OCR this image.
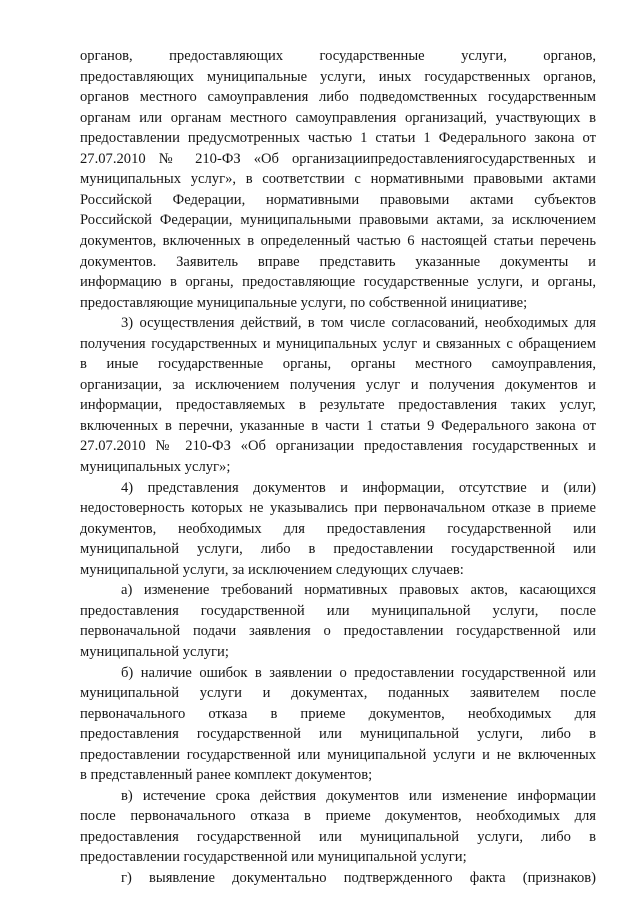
органов, предоставляющих государственные услуги, органов,
предоставляющих муниципальные услуги, иных государственных органов,
органов местного самоуправления либо подведомственных государственным
органам или органам местного самоуправления организаций, участвующих в
предоставлении предусмотренных частью 1 статьи 1 Федерального закона от
27.07.2010 № 210-ФЗ «Об организациипредоставлениягосударственных и
муниципальных услуг», в соответствии с нормативными правовыми актами
Российской Федерации, нормативными правовыми актами субъектов
Российской Федерации, муниципальными правовыми актами, за исключением
документов, включенных в определенный частью 6 настоящей статьи перечень
документов. Заявитель вправе представить указанные документы и
информацию в органы, предоставляющие государственные услуги, и органы,
предоставляющие муниципальные услуги, по собственной инициативе;
3) осуществления действий, в том числе согласований, необходимых для
получения государственных и муниципальных услуг и связанных с обращением
в иные государственные органы, органы местного самоуправления,
организации, за исключением получения услуг и получения документов и
информации, предоставляемых в результате предоставления таких услуг,
включенных в перечни, указанные в части 1 статьи 9 Федерального закона от
27.07.2010 № 210-ФЗ «Об организации предоставления государственных и
муниципальных услуг»;
4) представления документов и информации, отсутствие и (или)
недостоверность которых не указывались при первоначальном отказе в приеме
документов, необходимых для предоставления государственной или
муниципальной услуги, либо в предоставлении государственной или
муниципальной услуги, за исключением следующих случаев:
а) изменение требований нормативных правовых актов, касающихся
предоставления государственной или муниципальной услуги, после
первоначальной подачи заявления о предоставлении государственной или
муниципальной услуги;
б) наличие ошибок в заявлении о предоставлении государственной или
муниципальной услуги и документах, поданных заявителем после
первоначального отказа в приеме документов, необходимых для
предоставления государственной или муниципальной услуги, либо в
предоставлении государственной или муниципальной услуги и не включенных
в представленный ранее комплект документов;
в) истечение срока действия документов или изменение информации
после первоначального отказа в приеме документов, необходимых для
предоставления государственной или муниципальной услуги, либо в
предоставлении государственной или муниципальной услуги;
г) выявление документально подтвержденного факта (признаков)
